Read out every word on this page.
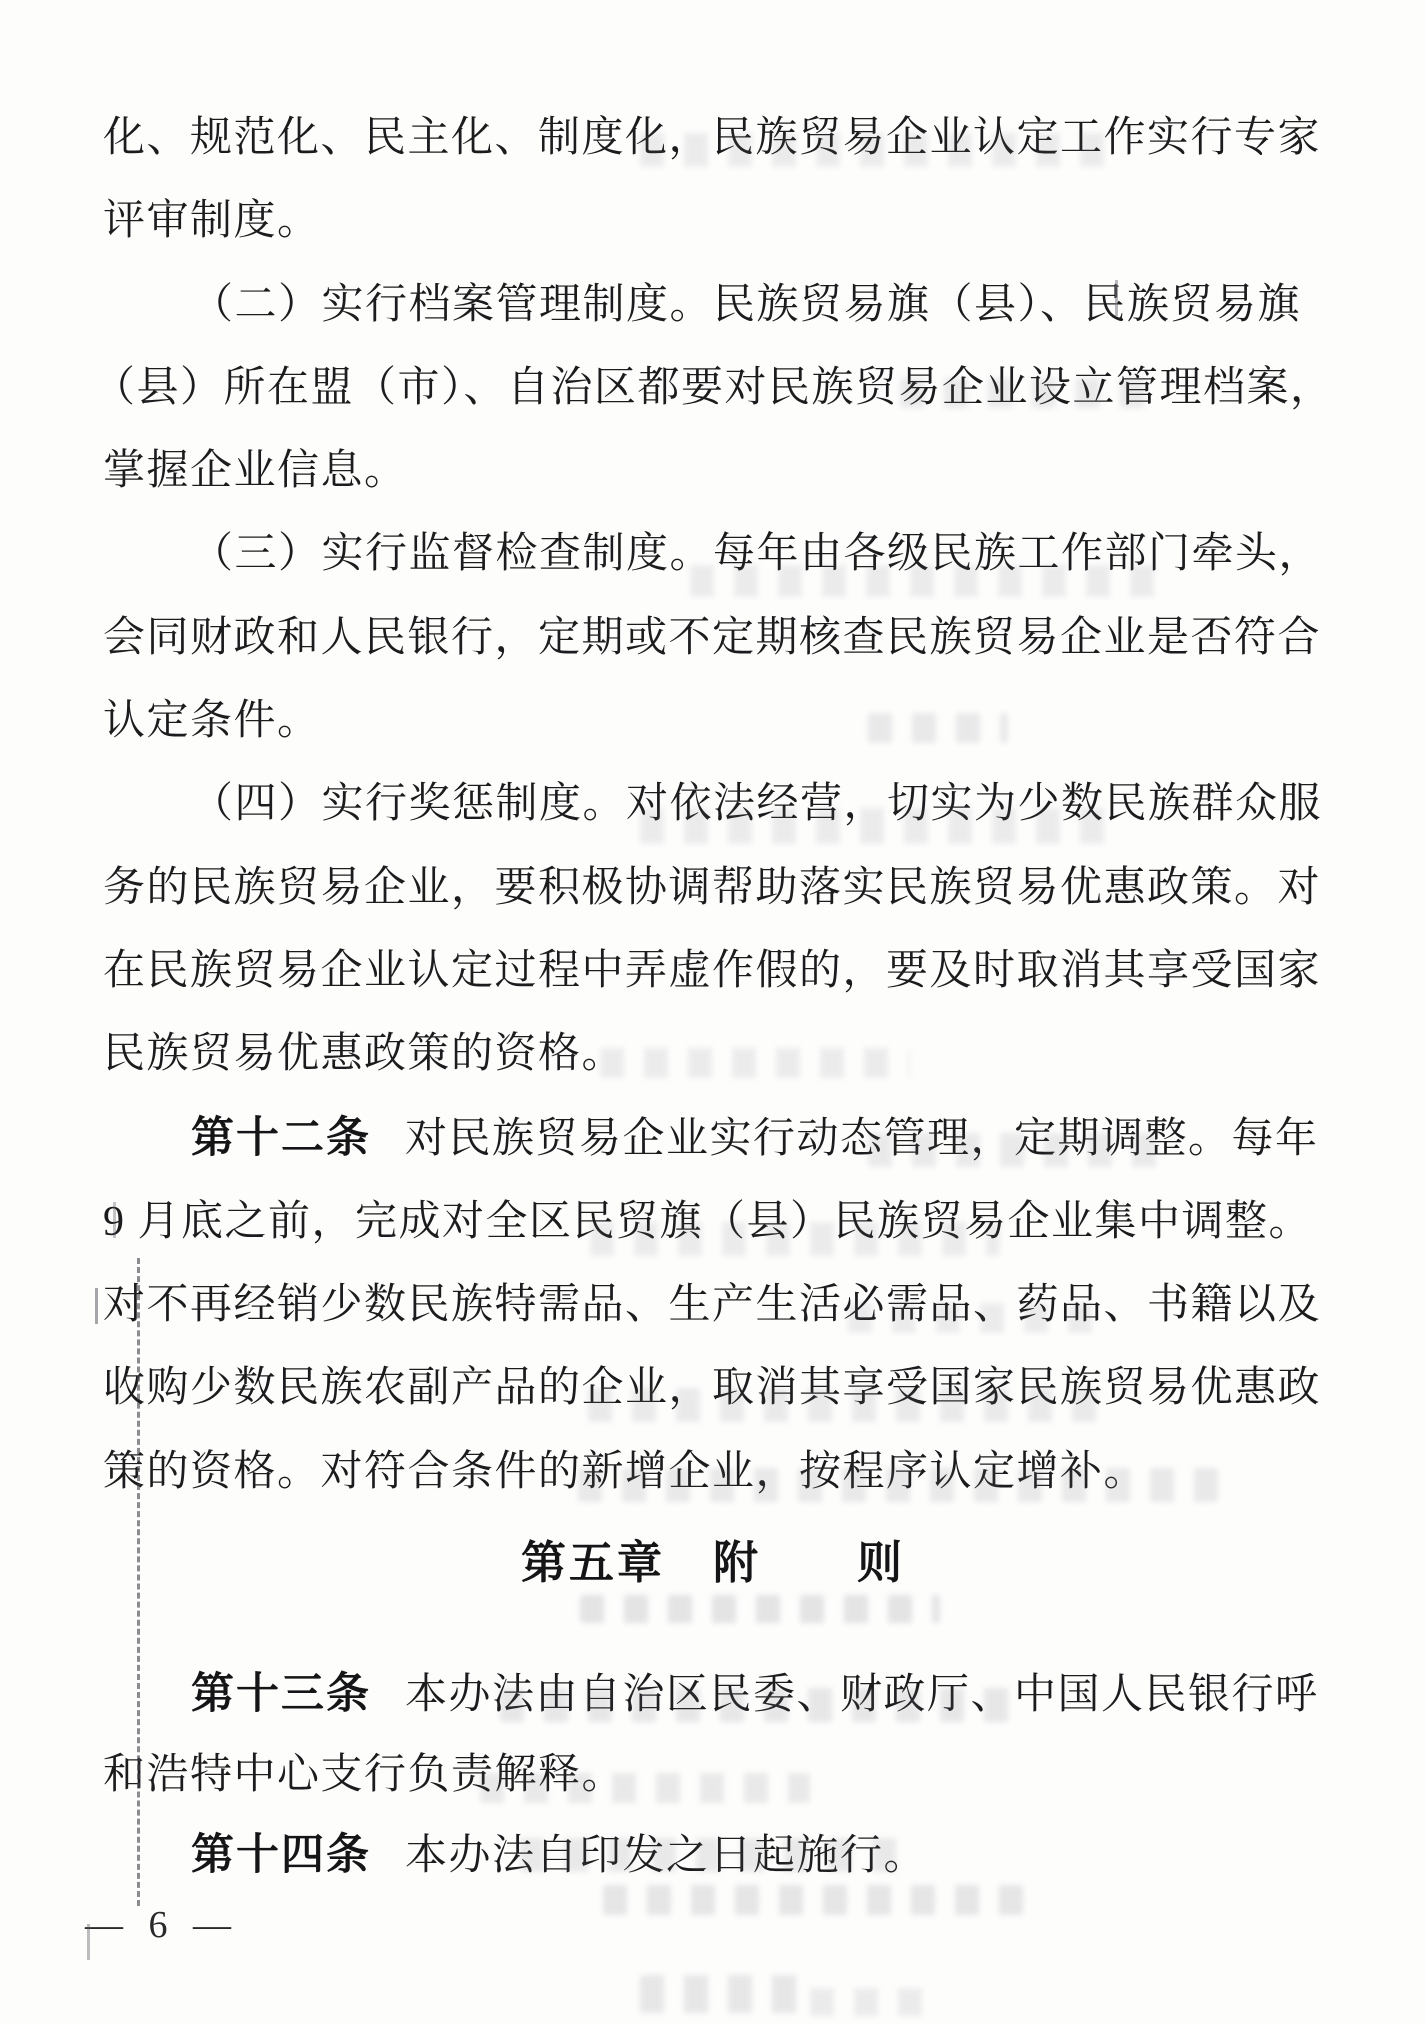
化、规范化、民主化、制度化，民族贸易企业认定工作实行专家

评审制度。

（二）实行档案管理制度。民族贸易旗（县）、民族贸易旗

（县）所在盟（市）、自治区都要对民族贸易企业设立管理档案，

掌握企业信息。

（三）实行监督检查制度。每年由各级民族工作部门牵头，

会同财政和人民银行，定期或不定期核查民族贸易企业是否符合

认定条件。

（四）实行奖惩制度。对依法经营，切实为少数民族群众服

务的民族贸易企业，要积极协调帮助落实民族贸易优惠政策。对

在民族贸易企业认定过程中弄虚作假的，要及时取消其享受国家

民族贸易优惠政策的资格。

第十二条 对民族贸易企业实行动态管理，定期调整。每年

9 月底之前，完成对全区民贸旗（县）民族贸易企业集中调整。

对不再经销少数民族特需品、生产生活必需品、药品、书籍以及

收购少数民族农副产品的企业，取消其享受国家民族贸易优惠政

策的资格。对符合条件的新增企业，按程序认定增补。

第五章　附　　则

第十三条 本办法由自治区民委、财政厅、中国人民银行呼

和浩特中心支行负责解释。

第十四条 本办法自印发之日起施行。

— 6 —
